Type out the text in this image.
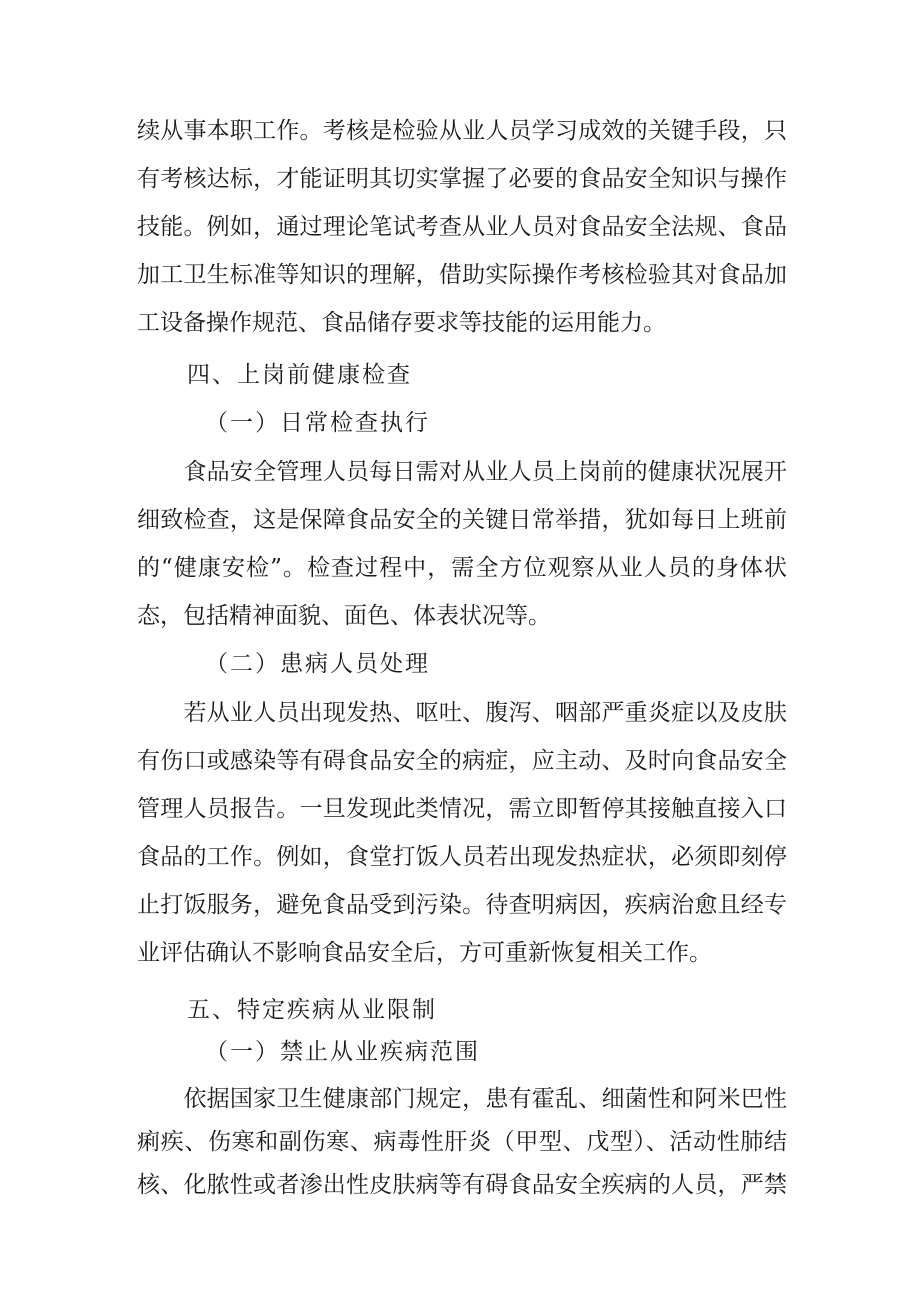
续从事本职工作。考核是检验从业人员学习成效的关键手段，只
有考核达标，才能证明其切实掌握了必要的食品安全知识与操作
技能。例如，通过理论笔试考查从业人员对食品安全法规、食品
加工卫生标准等知识的理解，借助实际操作考核检验其对食品加
工设备操作规范、食品储存要求等技能的运用能力。
四、上岗前健康检查
（一）日常检查执行
　　食品安全管理人员每日需对从业人员上岗前的健康状况展开
细致检查，这是保障食品安全的关键日常举措，犹如每日上班前
的“健康安检”。检查过程中，需全方位观察从业人员的身体状
态，包括精神面貌、面色、体表状况等。
（二）患病人员处理
　　若从业人员出现发热、呕吐、腹泻、咽部严重炎症以及皮肤
有伤口或感染等有碍食品安全的病症，应主动、及时向食品安全
管理人员报告。一旦发现此类情况，需立即暂停其接触直接入口
食品的工作。例如，食堂打饭人员若出现发热症状，必须即刻停
止打饭服务，避免食品受到污染。待查明病因，疾病治愈且经专
业评估确认不影响食品安全后，方可重新恢复相关工作。
五、特定疾病从业限制
（一）禁止从业疾病范围
　　依据国家卫生健康部门规定，患有霍乱、细菌性和阿米巴性
痢疾、伤寒和副伤寒、病毒性肝炎（甲型、戊型）、活动性肺结
核、化脓性或者渗出性皮肤病等有碍食品安全疾病的人员，严禁
